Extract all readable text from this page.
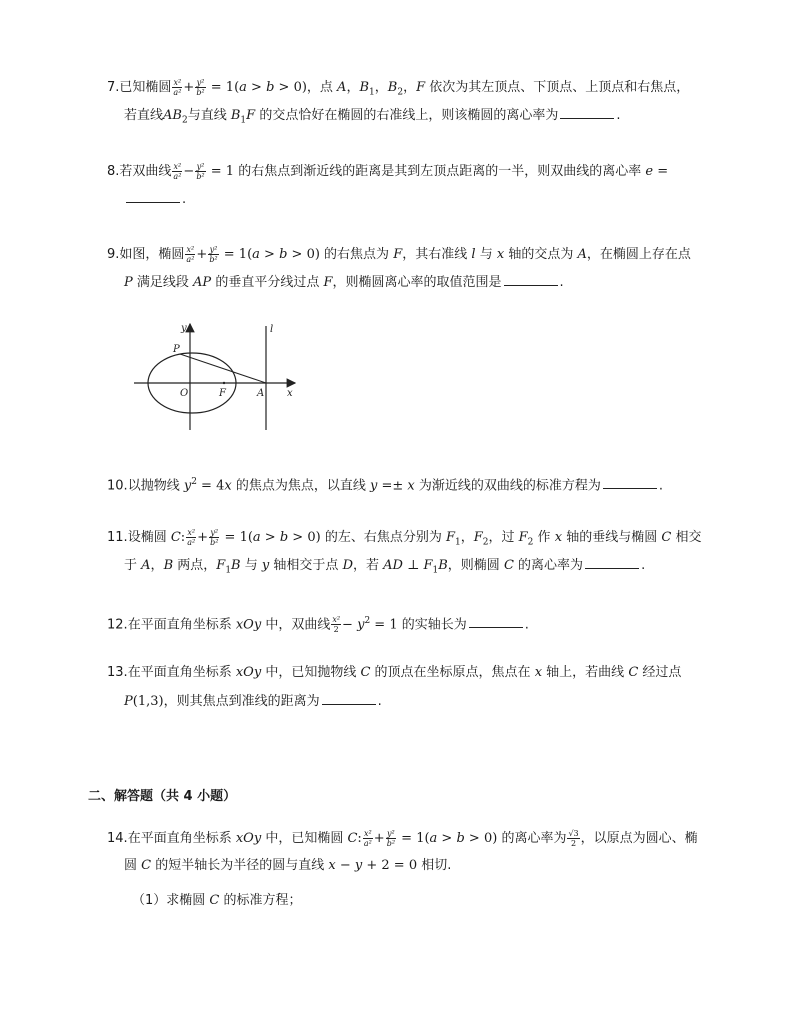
7.已知椭圆 $\frac{\text{x²}}{\text{a²}} + \frac{\text{y²}}{\text{b²}} = 1(a > b > 0)$，点 A，$B_1$，$B_2$，F 依次为其左顶点、下顶点、上顶点和右焦点，
若直线$AB_2$与直线 $B_1F$ 的交点恰好在椭圆的右准线上，则该椭圆的离心率为	.
8.若双曲线 $\frac{\text{x²}}{\text{a²}} - \frac{\text{y²}}{\text{b²}} = 1$ 的右焦点到渐近线的距离是其到左顶点距离的一半，则双曲线的离心率 e =
.
9.如图，椭圆 $\frac{\text{x²}}{\text{a²}} + \frac{\text{y²}}{\text{b²}} = 1(a > b > 0)$ 的右焦点为 F，其右准线 l 与 x 轴的交点为 A，在椭圆上存在点
P 满足线段 AP 的垂直平分线过点 F，则椭圆离心率的取值范围是	.
y	l
P
O	F	A x
10.以抛物线 $y^2 = 4x$ 的焦点为焦点，以直线 y =± x 为渐近线的双曲线的标准方程为	.
11.设椭圆 C: $\frac{\text{x²}}{\text{a²}} + \frac{\text{y²}}{\text{b²}} = 1(a > b > 0)$ 的左、右焦点分别为 $F_1$，$F_2$，过 $F_2$ 作 x 轴的垂线与椭圆 C 相交
于 A，B 两点，$F_1B$ 与 y 轴相交于点 D，若 AD ⊥ $F_1B$，则椭圆 C 的离心率为	.
12.在平面直角坐标系 xOy 中，双曲线 $\frac{\text{x²}}{2} - y^2 = 1$ 的实轴长为	.
13.在平面直角坐标系 xOy 中，已知抛物线 C 的顶点在坐标原点，焦点在 x 轴上，若曲线 C 经过点
P(1,3)，则其焦点到准线的距离为	.
二、解答题（共 4 小题）
14.在平面直角坐标系 xOy 中，已知椭圆 C: $\frac{\text{x²}}{\text{a²}} + \frac{\text{y²}}{\text{b²}} = 1(a > b > 0)$ 的离心率为 $\frac{√3}{2}$ ，以原点为圆心、椭
圆 C 的短半轴长为半径的圆与直线 x − y + 2 = 0 相切.
（1）求椭圆 C 的标准方程；
